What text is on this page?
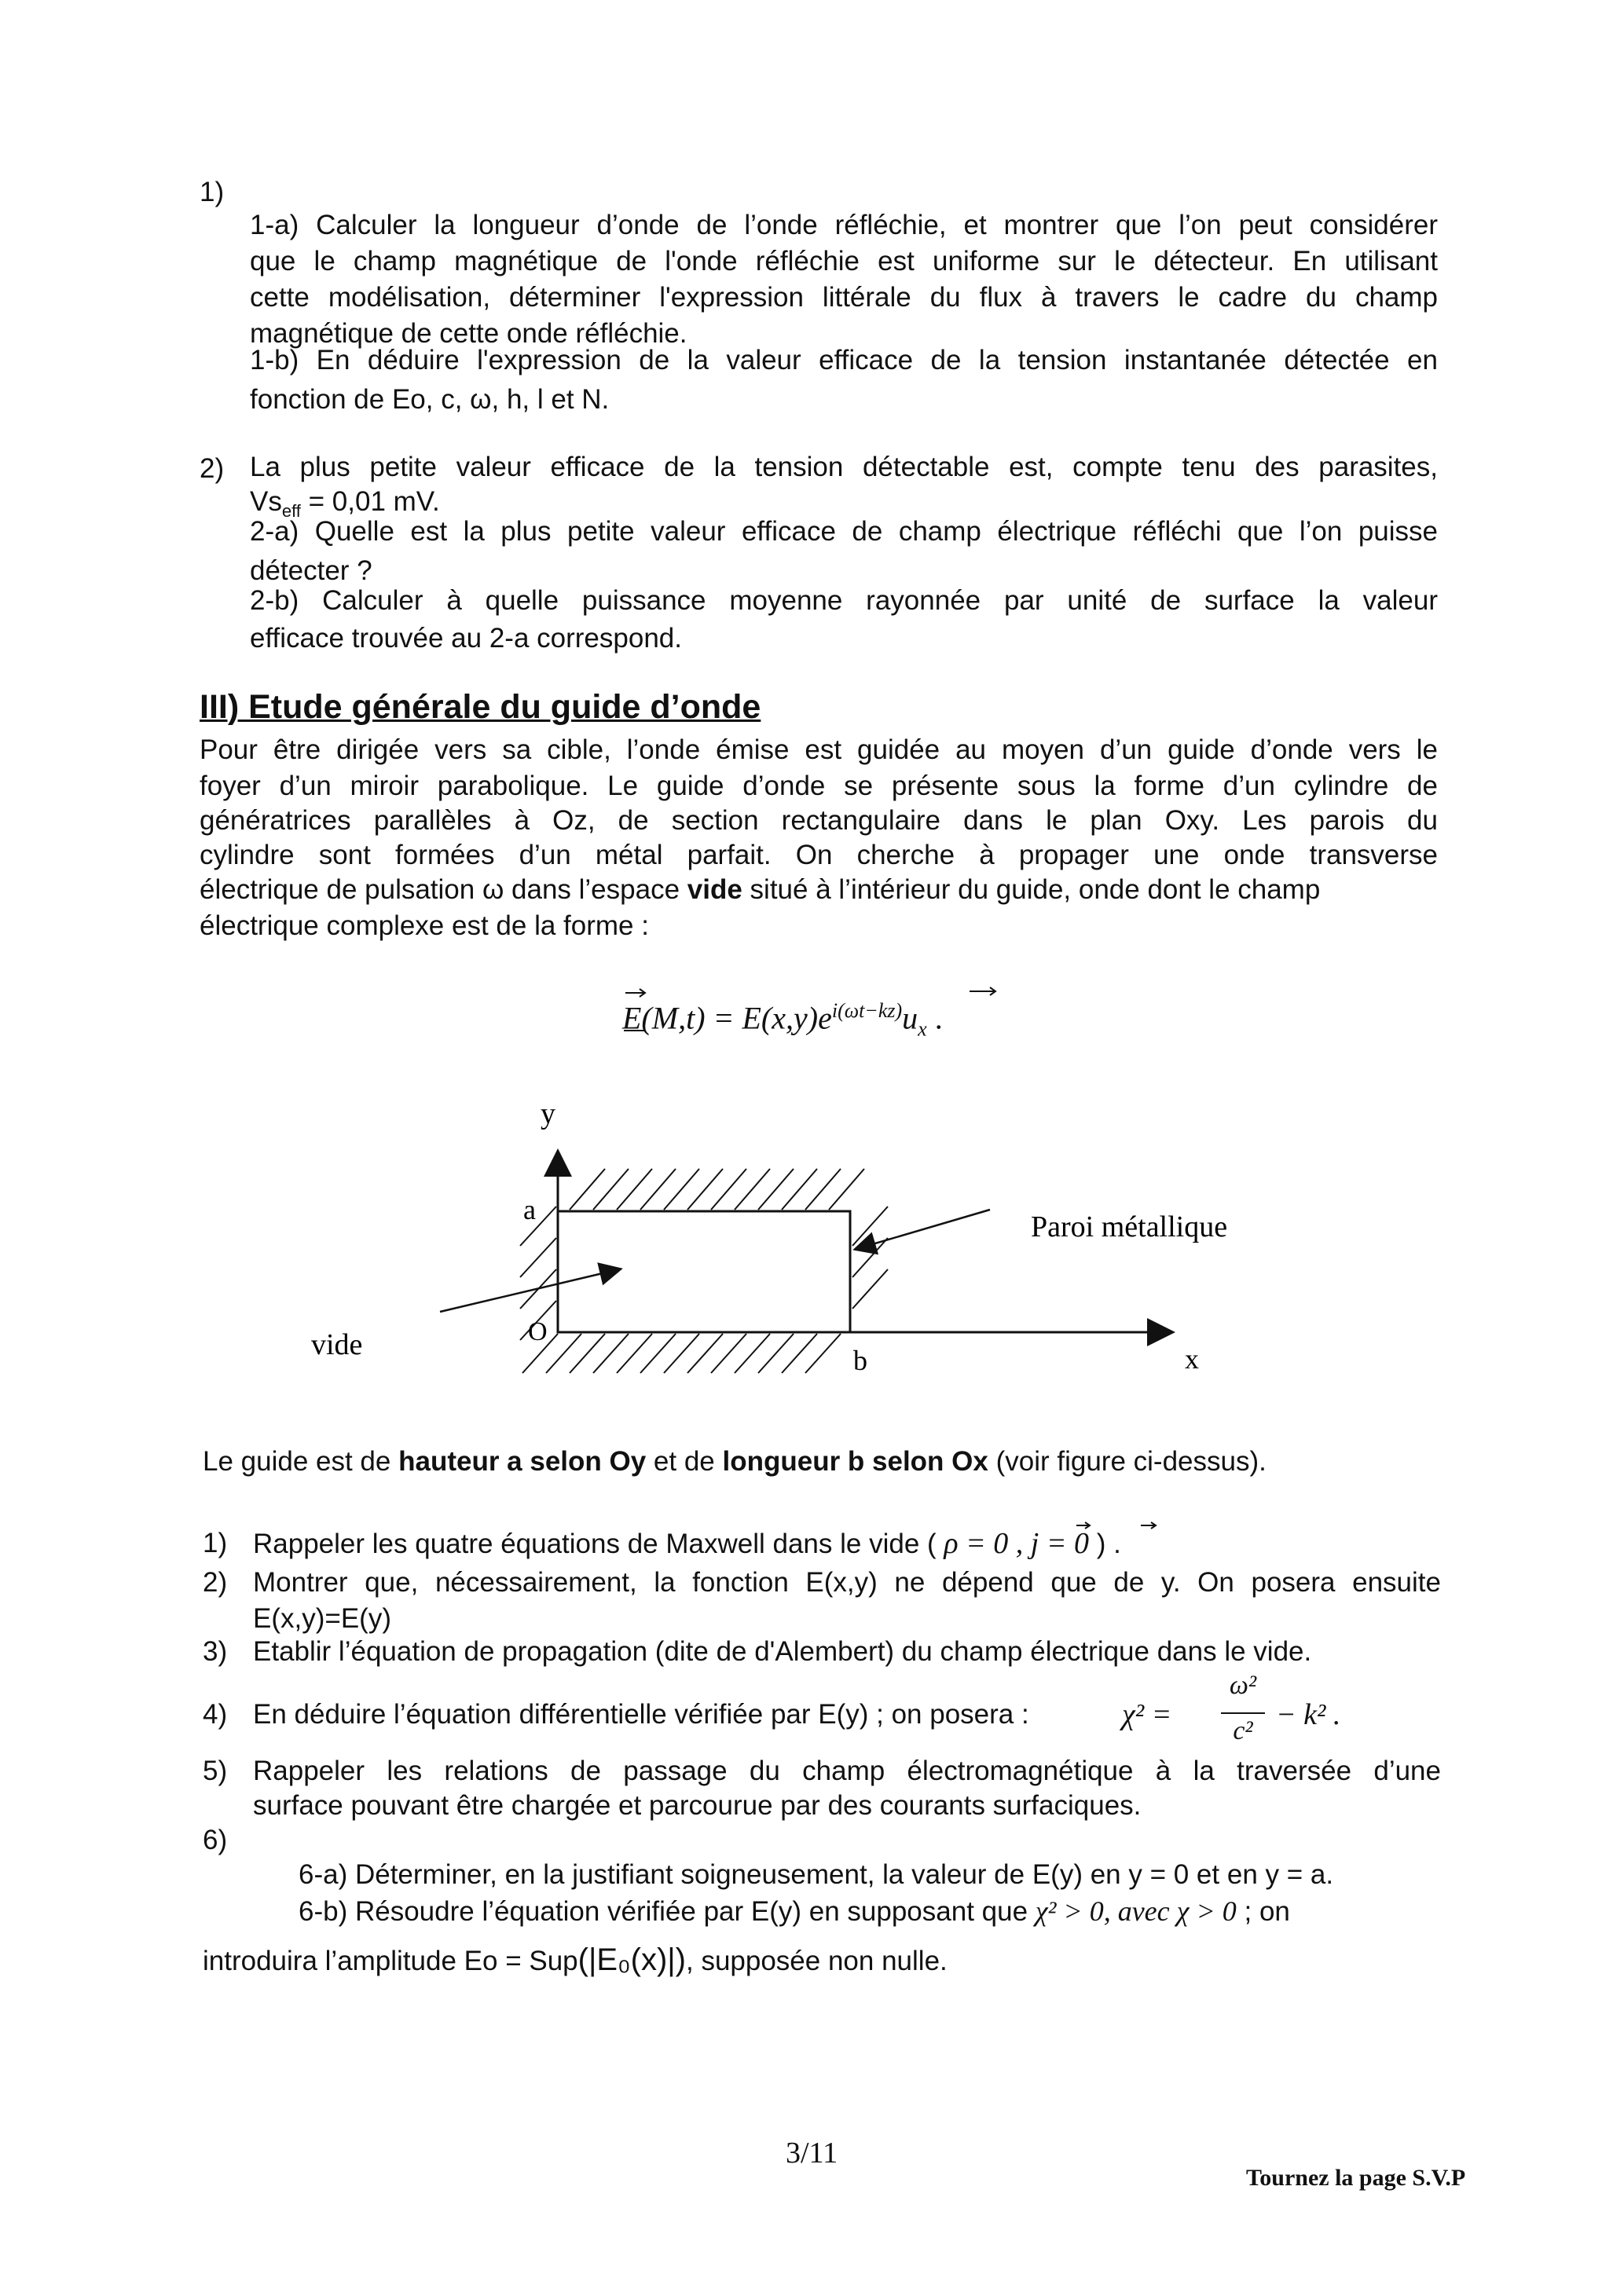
1)
1-a) Calculer la longueur d’onde de l’onde réfléchie, et montrer que l’on peut considérer
que le champ magnétique de l'onde réfléchie est uniforme sur le détecteur. En utilisant
cette modélisation, déterminer l'expression littérale du flux à travers le cadre du champ
magnétique de cette onde réfléchie.
1-b) En déduire l'expression de la valeur efficace de la tension instantanée détectée en
fonction de Eo, c, ω, h, l et N.
2) La plus petite valeur efficace de la tension détectable est, compte tenu des parasites,
$Vs_{eff} = 0,01$ mV.
2-a) Quelle est la plus petite valeur efficace de champ électrique réfléchi que l’on puisse
détecter ?
2-b) Calculer à quelle puissance moyenne rayonnée par unité de surface la valeur
efficace trouvée au 2-a correspond.
III) Etude générale du guide d’onde
Pour être dirigée vers sa cible, l’onde émise est guidée au moyen d’un guide d’onde vers le
foyer d’un miroir parabolique. Le guide d’onde se présente sous la forme d’un cylindre de
génératrices parallèles à Oz, de section rectangulaire dans le plan Oxy. Les parois du
cylindre sont formées d’un métal parfait. On cherche à propager une onde transverse
électrique de pulsation ω dans l’espace vide situé à l’intérieur du guide, onde dont le champ
électrique complexe est de la forme :
$E(M,t) = E(x,y)e^{i(\omega t-kz)}u_x$ .
y
a
O
b	x
vide
Paroi métallique
Le guide est de hauteur a selon Oy et de longueur b selon Ox (voir figure ci-dessus).
1) Rappeler les quatre équations de Maxwell dans le vide ( ρ = 0 , j = 0 ) .
2) Montrer que, nécessairement, la fonction E(x,y) ne dépend que de y. On posera ensuite
E(x,y)=E(y)
3) Etablir l’équation de propagation (dite de d'Alembert) du champ électrique dans le vide.
4) En déduire l’équation différentielle vérifiée par E(y) ; on posera :	χ² =
ω²
c² − k² .
5) Rappeler les relations de passage du champ électromagnétique à la traversée d’une
surface pouvant être chargée et parcourue par des courants surfaciques.
6)
6-a) Déterminer, en la justifiant soigneusement, la valeur de E(y) en y = 0 et en y = a.
6-b) Résoudre l’équation vérifiée par E(y) en supposant que χ² > 0, avec χ > 0 ; on
introduira l’amplitude Eo = Sup(|E₀(x)|), supposée non nulle.
3/11
Tournez la page S.V.P
